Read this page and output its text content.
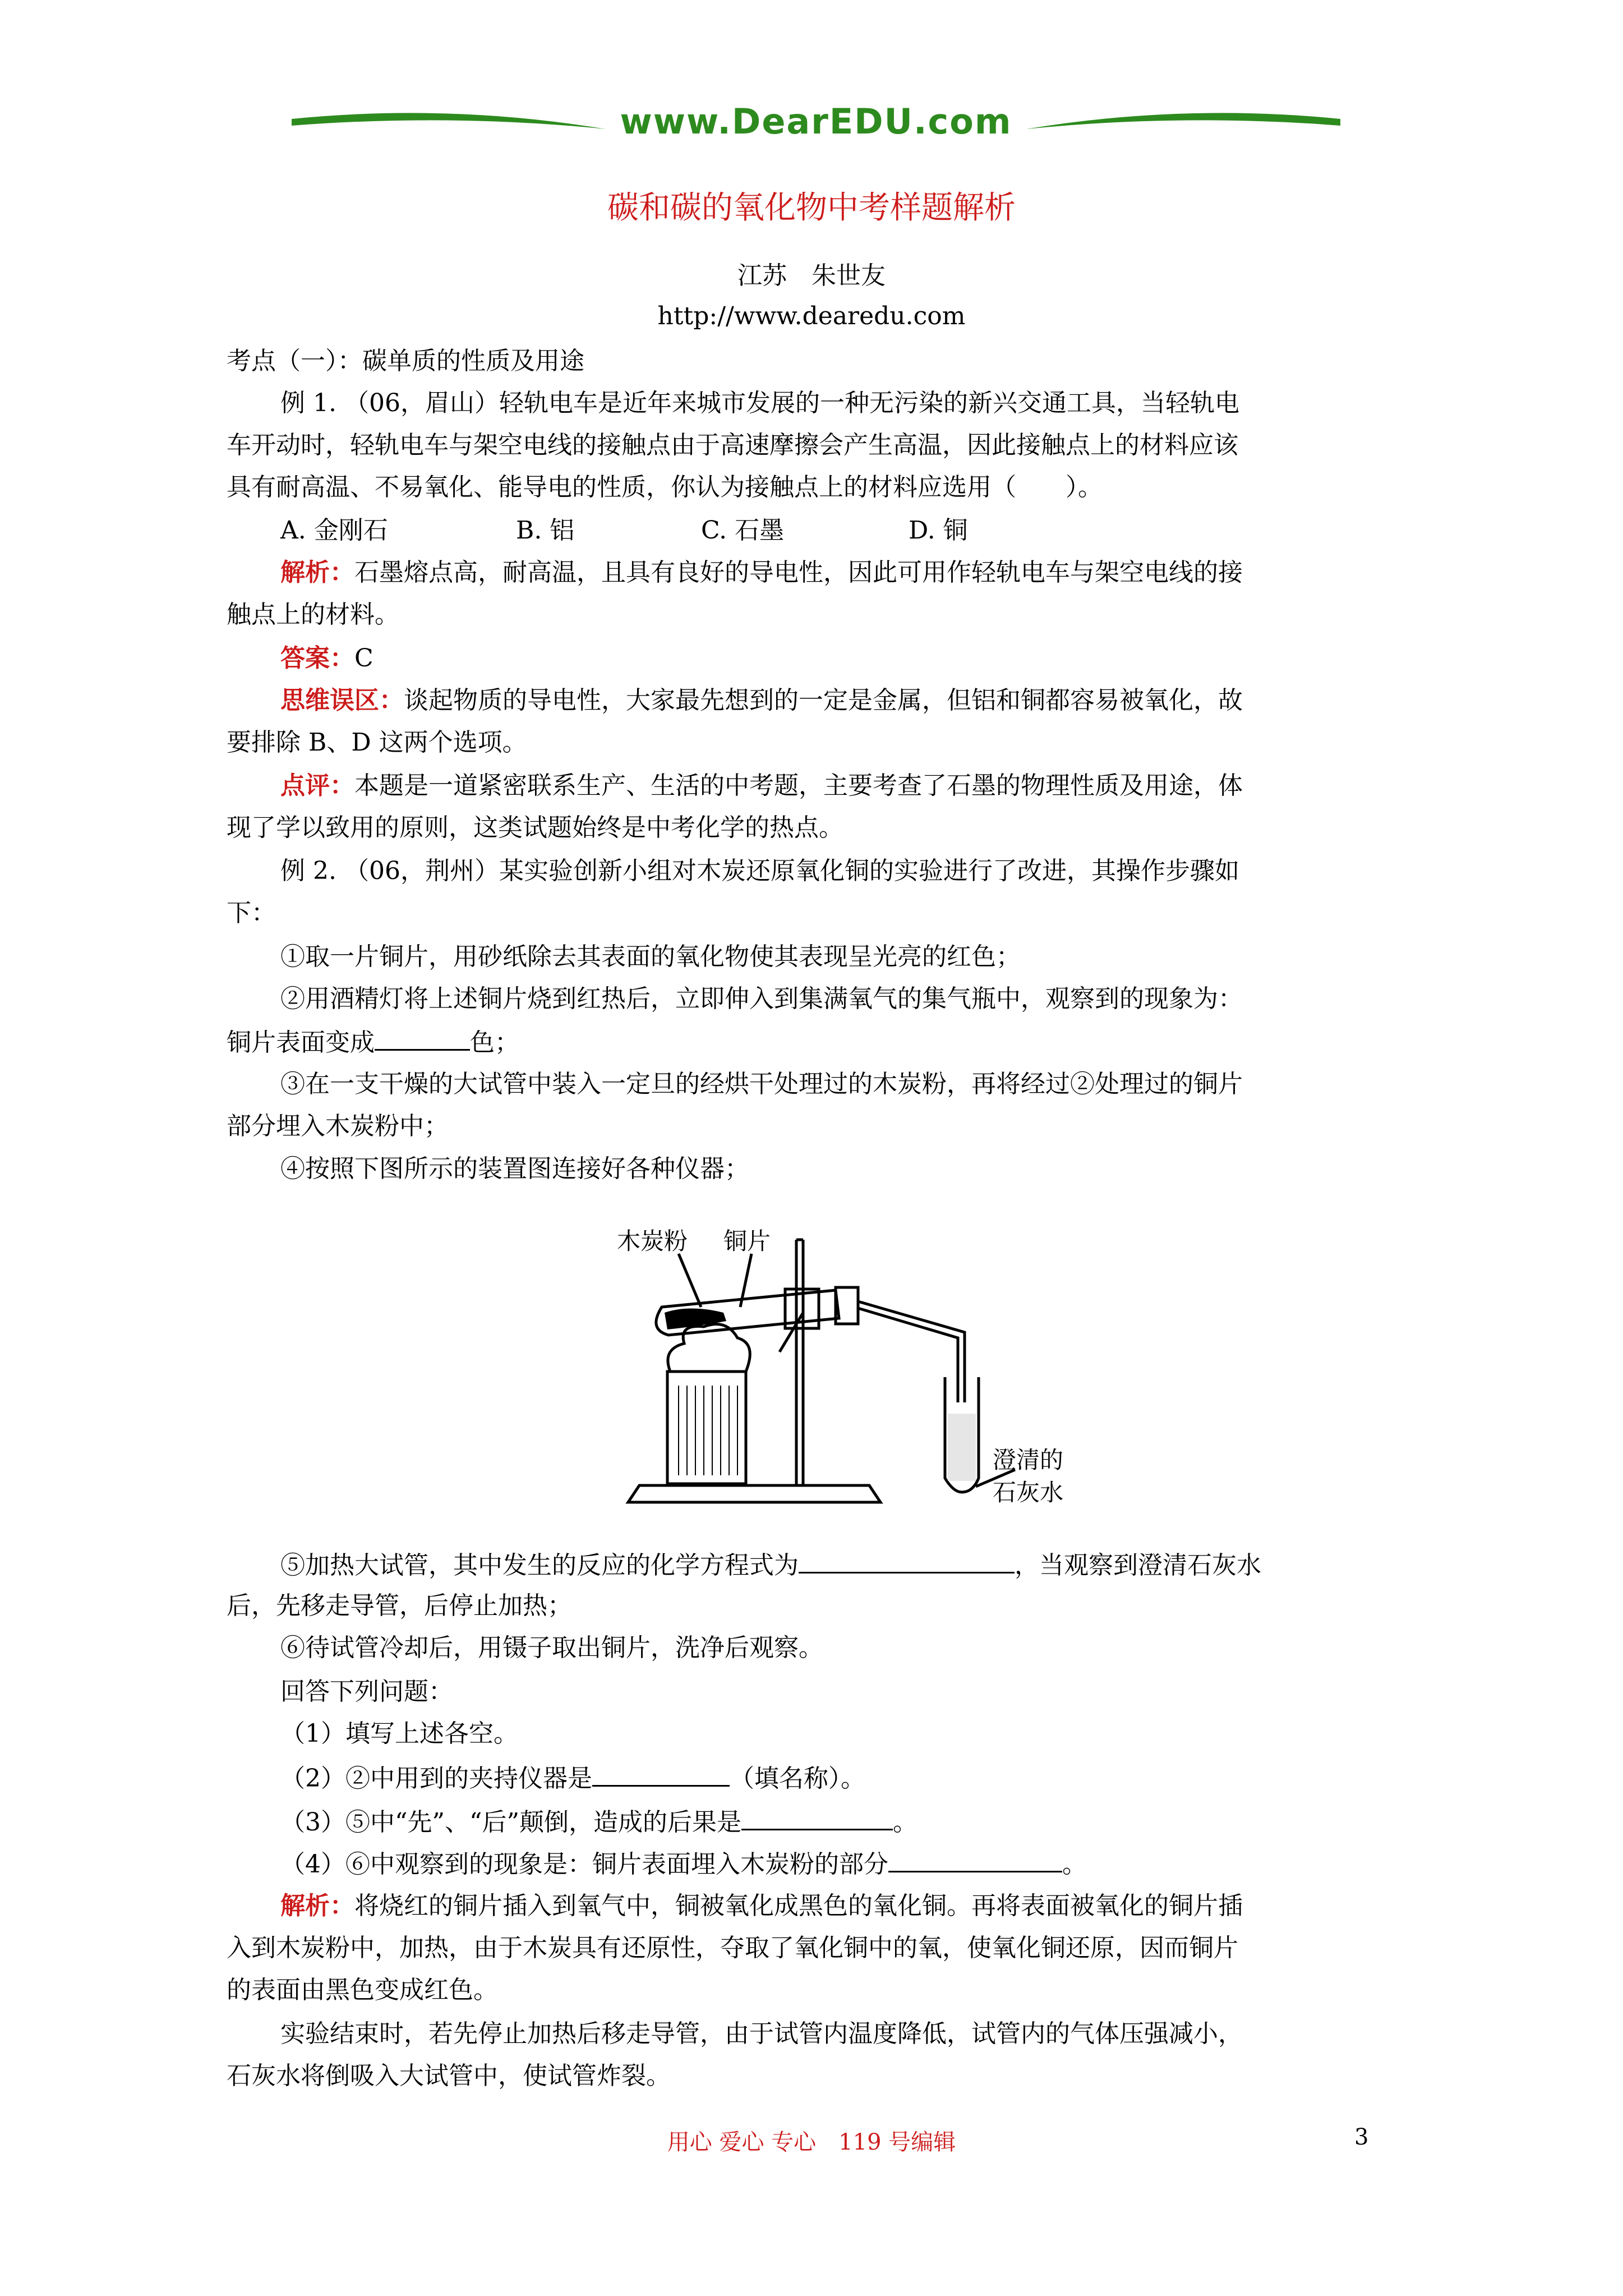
www.DearEDU.com
碳和碳的氧化物中考样题解析
江苏　朱世友
http://www.dearedu.com
考点（一）：碳单质的性质及用途
例 1. （06，眉山）轻轨电车是近年来城市发展的一种无污染的新兴交通工具，当轻轨电
车开动时，轻轨电车与架空电线的接触点由于高速摩擦会产生高温，因此接触点上的材料应该
具有耐高温、不易氧化、能导电的性质，你认为接触点上的材料应选用（　　）。
A. 金刚石	B. 铝	C. 石墨	D. 铜
解析：石墨熔点高，耐高温，且具有良好的导电性，因此可用作轻轨电车与架空电线的接
触点上的材料。
答案：C
思维误区：谈起物质的导电性，大家最先想到的一定是金属，但铝和铜都容易被氧化，故
要排除 B、D 这两个选项。
点评：本题是一道紧密联系生产、生活的中考题，主要考查了石墨的物理性质及用途，体
现了学以致用的原则，这类试题始终是中考化学的热点。
例 2. （06，荆州）某实验创新小组对木炭还原氧化铜的实验进行了改进，其操作步骤如
下：
①取一片铜片，用砂纸除去其表面的氧化物使其表现呈光亮的红色；
②用酒精灯将上述铜片烧到红热后，立即伸入到集满氧气的集气瓶中，观察到的现象为：
铜片表面变成	色；
③在一支干燥的大试管中装入一定旦的经烘干处理过的木炭粉，再将经过②处理过的铜片
部分埋入木炭粉中；
④按照下图所示的装置图连接好各种仪器；
木炭粉 铜片
澄清的
石灰水
⑤加热大试管，其中发生的反应的化学方程式为	，当观察到澄清石灰水
后，先移走导管，后停止加热；
⑥待试管冷却后，用镊子取出铜片，洗净后观察。
回答下列问题：
（1）填写上述各空。
（2）②中用到的夹持仪器是	（填名称）。
（3）⑤中“先”、“后”颠倒，造成的后果是	。
（4）⑥中观察到的现象是：铜片表面埋入木炭粉的部分	。
解析：将烧红的铜片插入到氧气中，铜被氧化成黑色的氧化铜。再将表面被氧化的铜片插
入到木炭粉中，加热，由于木炭具有还原性，夺取了氧化铜中的氧，使氧化铜还原，因而铜片
的表面由黑色变成红色。
实验结束时，若先停止加热后移走导管，由于试管内温度降低，试管内的气体压强减小，
石灰水将倒吸入大试管中，使试管炸裂。
用心 爱心 专心　119 号编辑	3
